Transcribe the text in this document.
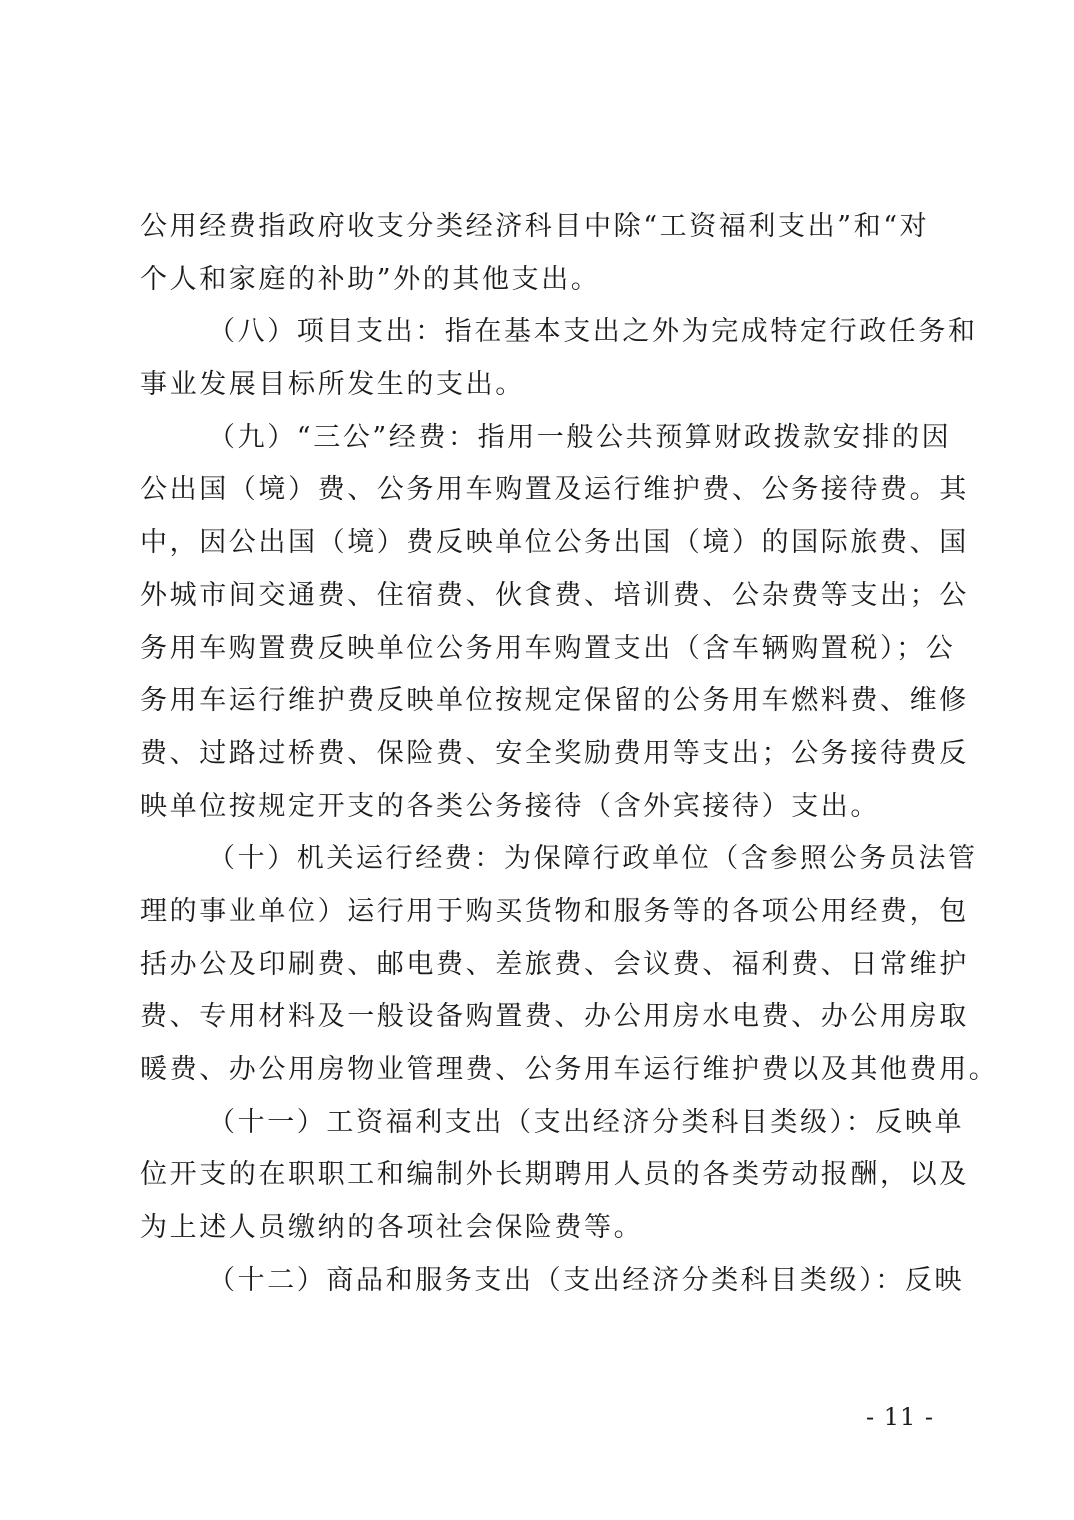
公用经费指政府收支分类经济科目中除“工资福利支出”和“对
个人和家庭的补助”外的其他支出。
（八）项目支出：指在基本支出之外为完成特定行政任务和
事业发展目标所发生的支出。
（九）“三公”经费：指用一般公共预算财政拨款安排的因
公出国（境）费、公务用车购置及运行维护费、公务接待费。其
中，因公出国（境）费反映单位公务出国（境）的国际旅费、国
外城市间交通费、住宿费、伙食费、培训费、公杂费等支出；公
务用车购置费反映单位公务用车购置支出（含车辆购置税）；公
务用车运行维护费反映单位按规定保留的公务用车燃料费、维修
费、过路过桥费、保险费、安全奖励费用等支出；公务接待费反
映单位按规定开支的各类公务接待（含外宾接待）支出。
（十）机关运行经费：为保障行政单位（含参照公务员法管
理的事业单位）运行用于购买货物和服务等的各项公用经费，包
括办公及印刷费、邮电费、差旅费、会议费、福利费、日常维护
费、专用材料及一般设备购置费、办公用房水电费、办公用房取
暖费、办公用房物业管理费、公务用车运行维护费以及其他费用。
（十一）工资福利支出（支出经济分类科目类级）：反映单
位开支的在职职工和编制外长期聘用人员的各类劳动报酬，以及
为上述人员缴纳的各项社会保险费等。
（十二）商品和服务支出（支出经济分类科目类级）：反映
- 11 -
